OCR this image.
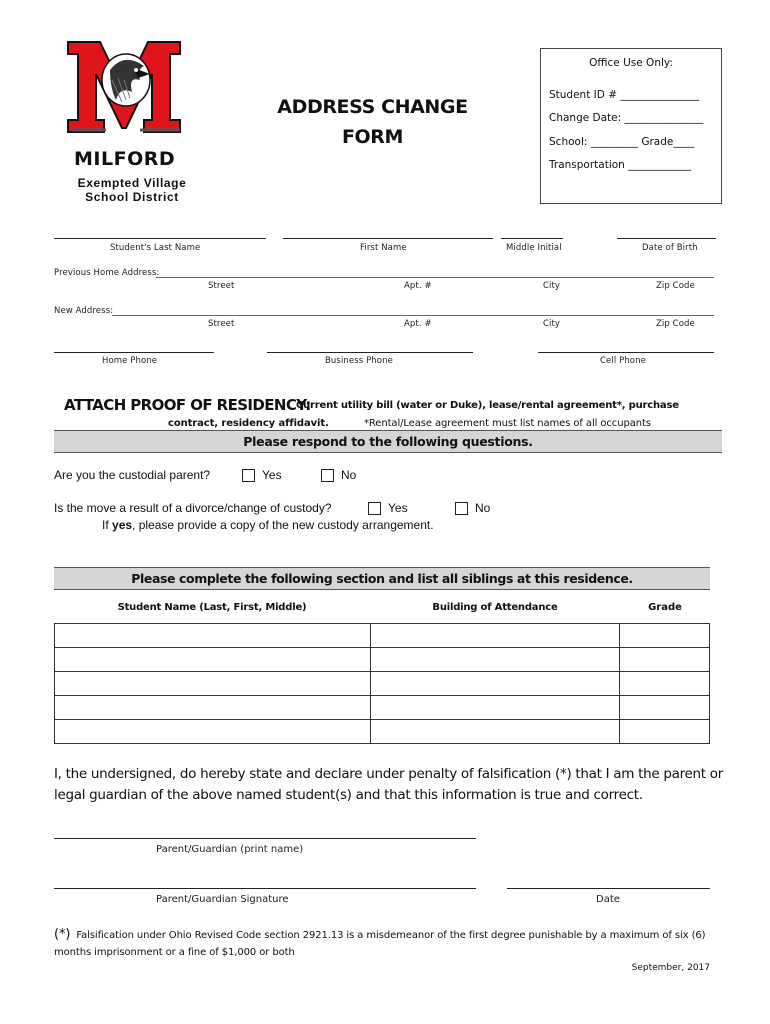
MILFORD
Exempted Village
School District
ADDRESS CHANGE
FORM
Office Use Only:
Student ID # _______________
Change Date: _______________
School: _________ Grade____
Transportation ____________
Student's Last Name	First Name	Middle Initial	Date of Birth
Previous Home Address:
Street	Apt. #	City	Zip Code
New Address:
Street	Apt. #	City	Zip Code
Home Phone	Business Phone	Cell Phone
ATTACH PROOF OF RESIDENCY:
Current utility bill (water or Duke), lease/rental agreement*, purchase
contract, residency affidavit.	*Rental/Lease agreement must list names of all occupants
Please respond to the following questions.
Are you the custodial parent?	Yes	No
Is the move a result of a divorce/change of custody?	Yes	No
If yes, please provide a copy of the new custody arrangement.
Please complete the following section and list all siblings at this residence.
Student Name (Last, First, Middle)	Building of Attendance	Grade

I, the undersigned, do hereby state and declare under penalty of falsification (*) that I am the parent or legal guardian of the above named student(s) and that this information is true and correct.
Parent/Guardian (print name)
Parent/Guardian Signature	Date
(*) Falsification under Ohio Revised Code section 2921.13 is a misdemeanor of the first degree punishable by a maximum of six (6) months imprisonment or a fine of $1,000 or both
September, 2017
